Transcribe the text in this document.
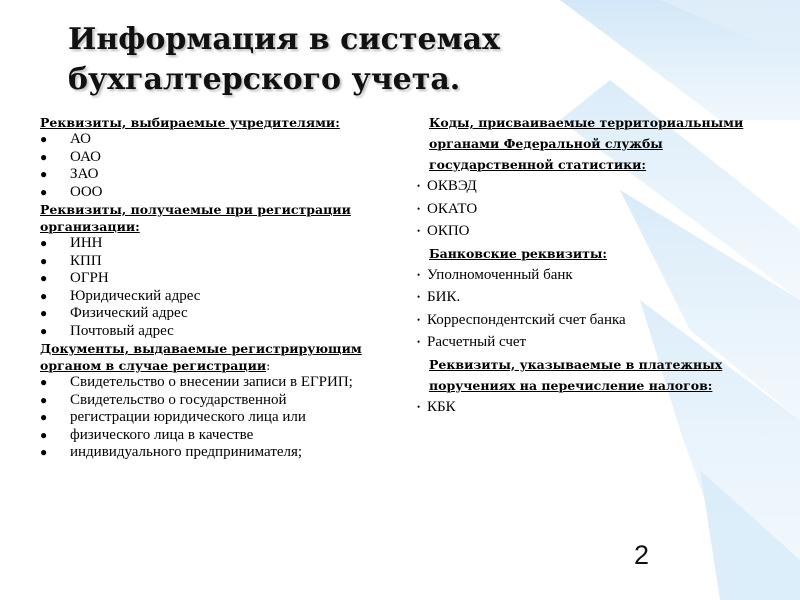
Информация в системах бухгалтерского учета.

Реквизиты, выбираемые учредителями:

● АО
● ОАО
● ЗАО
● ООО

Реквизиты, получаемые при регистрации организации:

● ИНН
● КПП
● ОГРН
● Юридический адрес
● Физический адрес
● Почтовый адрес

Документы, выдаваемые регистрирующим органом в случае регистрации:

● Свидетельство о внесении записи в ЕГРИП;
● Свидетельство о государственной
● регистрации юридического лица или
● физического лица в качестве
● индивидуального предпринимателя;

Коды, присваиваемые территориальными органами Федеральной службы государственной статистики:

• ОКВЭД
• ОКАТО
• ОКПО

Банковские реквизиты:

• Уполномоченный банк
• БИК.
• Корреспондентский счет банка
• Расчетный счет

Реквизиты, указываемые в платежных поручениях на перечисление налогов:

• КБК
2
